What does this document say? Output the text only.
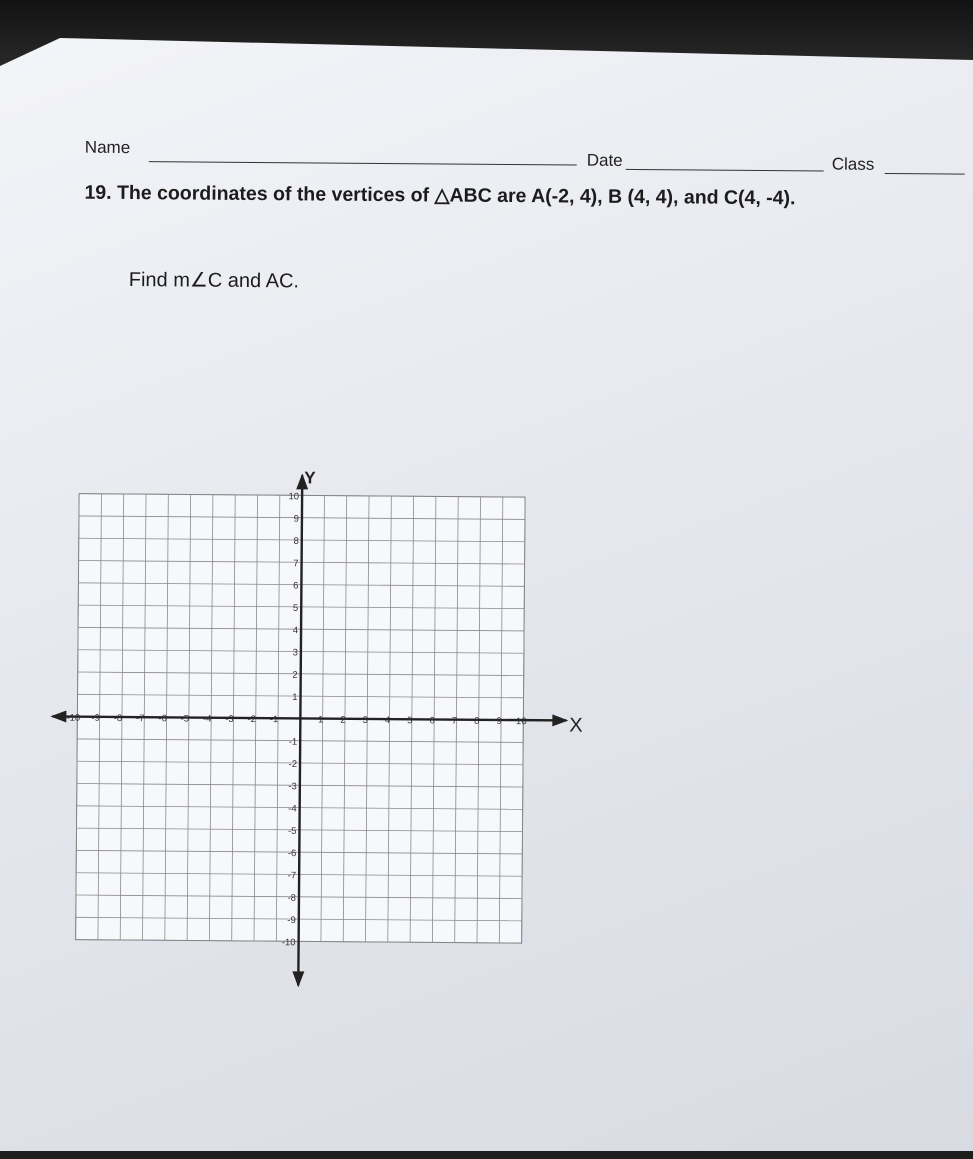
Name
Date	Class
19. The coordinates of the vertices of △ABC are A(-2, 4), B (4, 4), and C(4, -4).
Find m∠C and AC.
-10 -9 -8 -7 -6 -5 -4 -3 -2 -1	1 2 3 4 5 6 7 8 9 10
10
9
8
7
6
5
4
3
2
1
-1
-2
-3
-4
-5
-6
-7
-8
-9
-10
Y
X
